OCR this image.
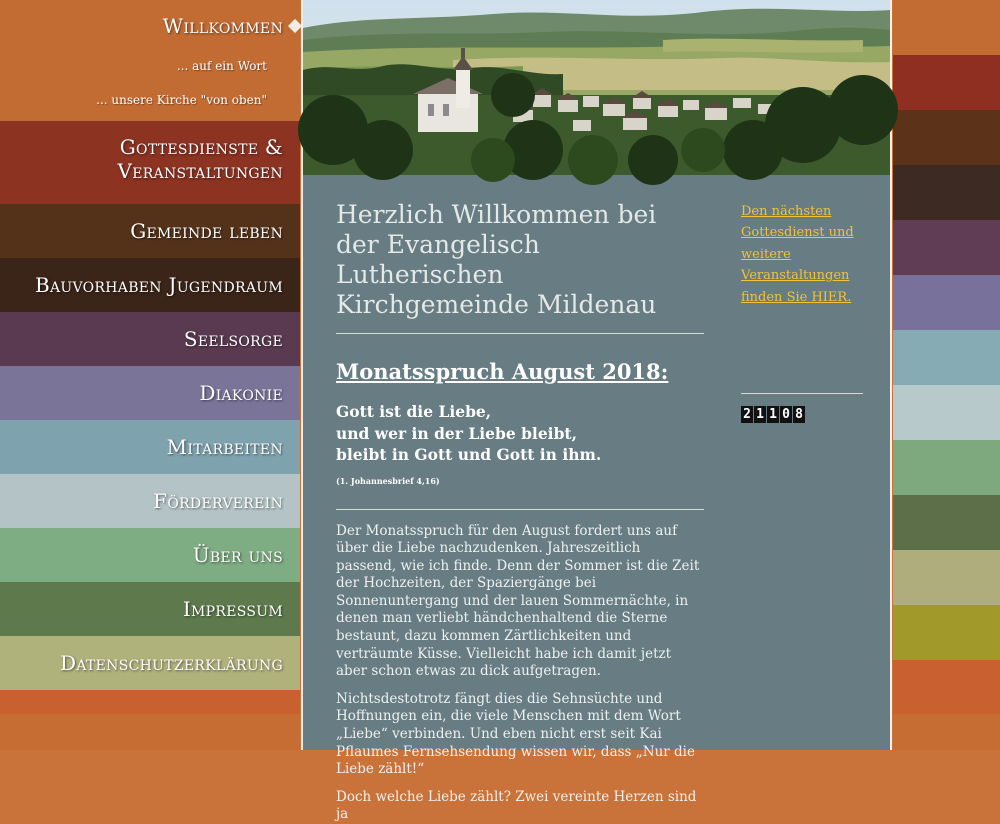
Willkommen
... auf ein Wort
... unsere Kirche "von oben"
Gottesdienste & Veranstaltungen
Gemeinde leben
Bauvorhaben Jugendraum
Seelsorge
Diakonie
Mitarbeiten
Förderverein
Über uns
Impressum
Datenschutzerklärung
Herzlich Willkommen bei der Evangelisch Lutherischen Kirchgemeinde Mildenau
Monatsspruch August 2018:

Gott ist die Liebe,

und wer in der Liebe bleibt,

bleibt in Gott und Gott in ihm.

(1. Johannesbrief 4,16)

Der Monatsspruch für den August fordert uns auf über die Liebe nachzudenken. Jahreszeitlich passend, wie ich finde. Denn der Sommer ist die Zeit der Hochzeiten, der Spaziergänge bei Sonnenuntergang und der lauen Sommernächte, in denen man verliebt händchenhaltend die Sterne bestaunt, dazu kommen Zärtlichkeiten und verträumte Küsse. Vielleicht habe ich damit jetzt aber schon etwas zu dick aufgetragen.

Nichtsdestotrotz fängt dies die Sehnsüchte und Hoffnungen ein, die viele Menschen mit dem Wort „Liebe“ verbinden. Und eben nicht erst seit Kai Pflaumes Fernsehsendung wissen wir, dass „Nur die Liebe zählt!“

Doch welche Liebe zählt? Zwei vereinte Herzen sind ja

Den nächsten Gottesdienst und weitere Veranstaltungen finden Sie HIER.
2 1 1 0 8
